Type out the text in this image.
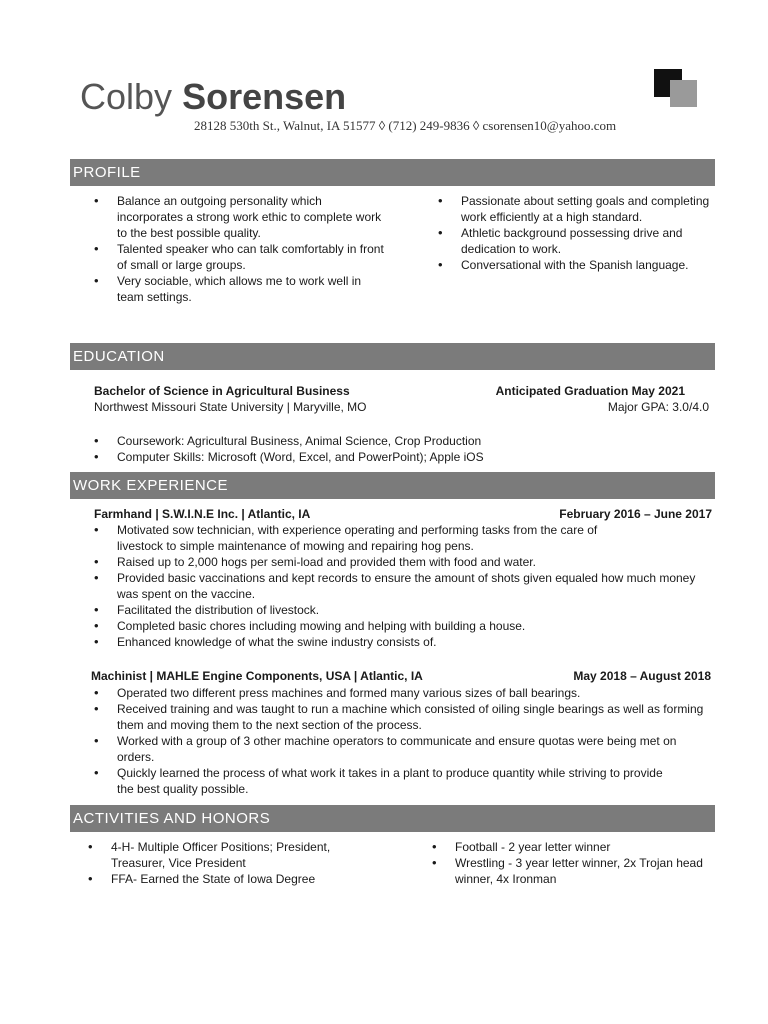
Colby Sorensen
28128 530th St., Walnut, IA 51577 ◊ (712) 249-9836 ◊ csorensen10@yahoo.com
PROFILE
• Balance an outgoing personality which incorporates a strong work ethic to complete work to the best possible quality.
• Talented speaker who can talk comfortably in front of small or large groups.
• Very sociable, which allows me to work well in team settings.
• Passionate about setting goals and completing work efficiently at a high standard.
• Athletic background possessing drive and dedication to work.
• Conversational with the Spanish language.
EDUCATION
Bachelor of Science in Agricultural Business	Anticipated Graduation May 2021
Northwest Missouri State University | Maryville, MO	Major GPA: 3.0/4.0
• Coursework: Agricultural Business, Animal Science, Crop Production
• Computer Skills: Microsoft (Word, Excel, and PowerPoint); Apple iOS
WORK EXPERIENCE
Farmhand | S.W.I.N.E Inc. | Atlantic, IA	February 2016 – June 2017
• Motivated sow technician, with experience operating and performing tasks from the care of livestock to simple maintenance of mowing and repairing hog pens.
• Raised up to 2,000 hogs per semi-load and provided them with food and water.
• Provided basic vaccinations and kept records to ensure the amount of shots given equaled how much money was spent on the vaccine.
• Facilitated the distribution of livestock.
• Completed basic chores including mowing and helping with building a house.
• Enhanced knowledge of what the swine industry consists of.
Machinist | MAHLE Engine Components, USA | Atlantic, IA	May 2018 – August 2018
• Operated two different press machines and formed many various sizes of ball bearings.
• Received training and was taught to run a machine which consisted of oiling single bearings as well as forming them and moving them to the next section of the process.
• Worked with a group of 3 other machine operators to communicate and ensure quotas were being met on orders.
• Quickly learned the process of what work it takes in a plant to produce quantity while striving to provide the best quality possible.
ACTIVITIES AND HONORS
• 4-H- Multiple Officer Positions; President, Treasurer, Vice President
• FFA- Earned the State of Iowa Degree
• Football - 2 year letter winner
• Wrestling - 3 year letter winner, 2x Trojan head winner, 4x Ironman
